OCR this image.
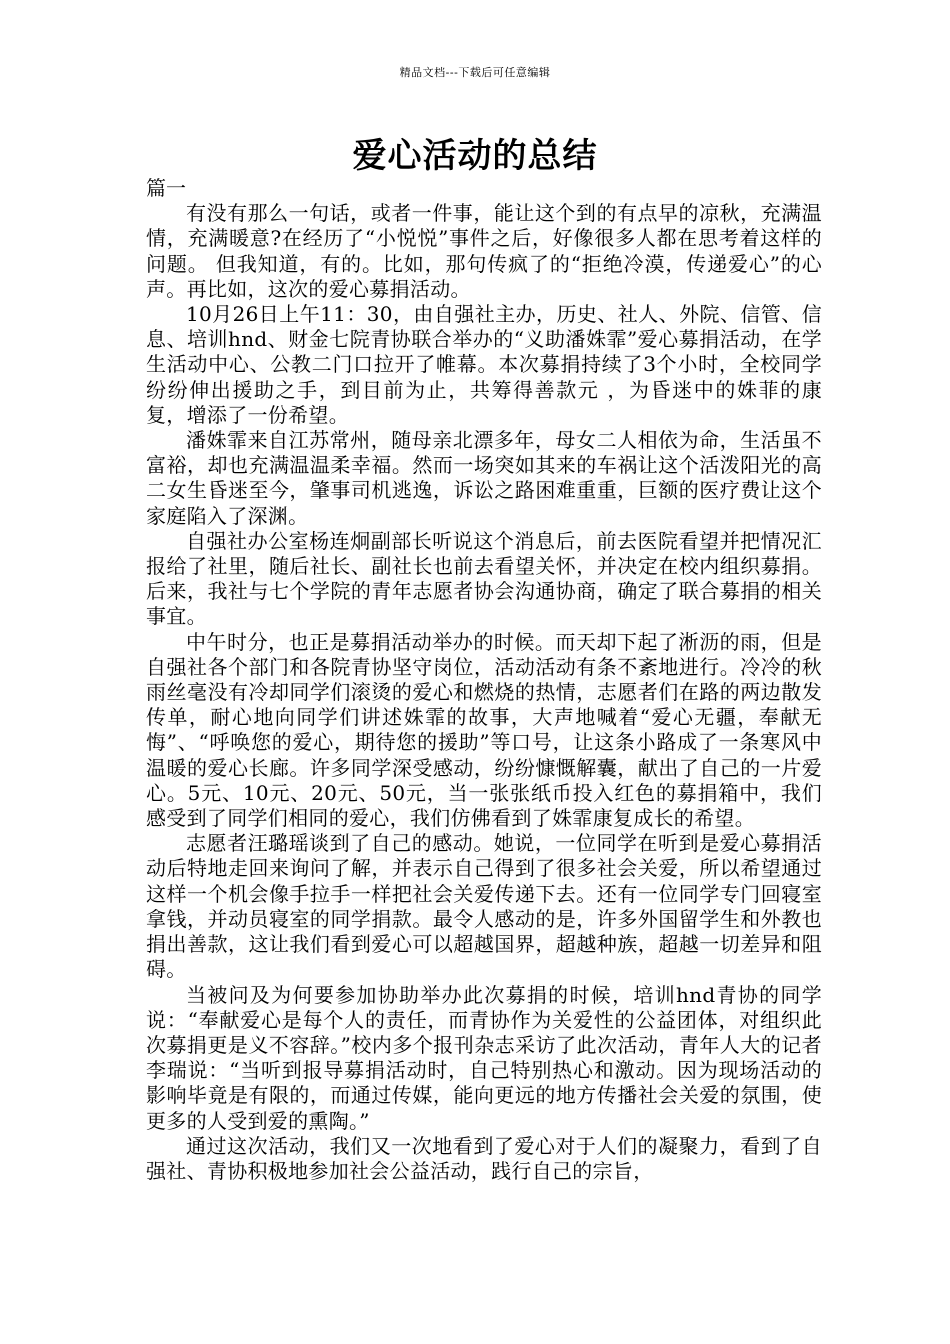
精品文档---下载后可任意编辑
爱心活动的总结

篇一

有没有那么一句话，或者一件事，能让这个到的有点早的凉秋，充满温情，充满暖意?在经历了“小悦悦”事件之后，好像很多人都在思考着这样的问题。 但我知道，有的。比如，那句传疯了的“拒绝冷漠，传递爱心”的心声。再比如，这次的爱心募捐活动。

10月26日上午11：30，由自强社主办，历史、社人、外院、信管、信息、培训hnd、财金七院青协联合举办的“义助潘姝霏”爱心募捐活动，在学生活动中心、公教二门口拉开了帷幕。本次募捐持续了3个小时，全校同学纷纷伸出援助之手，到目前为止，共筹得善款元 ，为昏迷中的姝菲的康复，增添了一份希望。

潘姝霏来自江苏常州，随母亲北漂多年，母女二人相依为命，生活虽不富裕，却也充满温温柔幸福。然而一场突如其来的车祸让这个活泼阳光的高二女生昏迷至今，肇事司机逃逸，诉讼之路困难重重，巨额的医疗费让这个家庭陷入了深渊。

自强社办公室杨连炯副部长听说这个消息后，前去医院看望并把情况汇报给了社里，随后社长、副社长也前去看望关怀，并决定在校内组织募捐。后来，我社与七个学院的青年志愿者协会沟通协商，确定了联合募捐的相关事宜。

中午时分，也正是募捐活动举办的时候。而天却下起了淅沥的雨，但是自强社各个部门和各院青协坚守岗位，活动活动有条不紊地进行。冷冷的秋雨丝毫没有冷却同学们滚烫的爱心和燃烧的热情，志愿者们在路的两边散发传单，耐心地向同学们讲述姝霏的故事，大声地喊着“爱心无疆，奉献无悔”、“呼唤您的爱心，期待您的援助”等口号，让这条小路成了一条寒风中温暖的爱心长廊。许多同学深受感动，纷纷慷慨解囊，献出了自己的一片爱心。5元、10元、20元、50元，当一张张纸币投入红色的募捐箱中，我们感受到了同学们相同的爱心，我们仿佛看到了姝霏康复成长的希望。

志愿者汪璐瑶谈到了自己的感动。她说，一位同学在听到是爱心募捐活动后特地走回来询问了解，并表示自己得到了很多社会关爱，所以希望通过这样一个机会像手拉手一样把社会关爱传递下去。还有一位同学专门回寝室拿钱，并动员寝室的同学捐款。最令人感动的是，许多外国留学生和外教也捐出善款，这让我们看到爱心可以超越国界，超越种族，超越一切差异和阻碍。

当被问及为何要参加协助举办此次募捐的时候，培训hnd青协的同学说：“奉献爱心是每个人的责任，而青协作为关爱性的公益团体，对组织此次募捐更是义不容辞。”校内多个报刊杂志采访了此次活动，青年人大的记者李瑞说：“当听到报导募捐活动时，自己特别热心和激动。因为现场活动的影响毕竟是有限的，而通过传媒，能向更远的地方传播社会关爱的氛围，使更多的人受到爱的熏陶。”

通过这次活动，我们又一次地看到了爱心对于人们的凝聚力，看到了自强社、青协积极地参加社会公益活动，践行自己的宗旨，
